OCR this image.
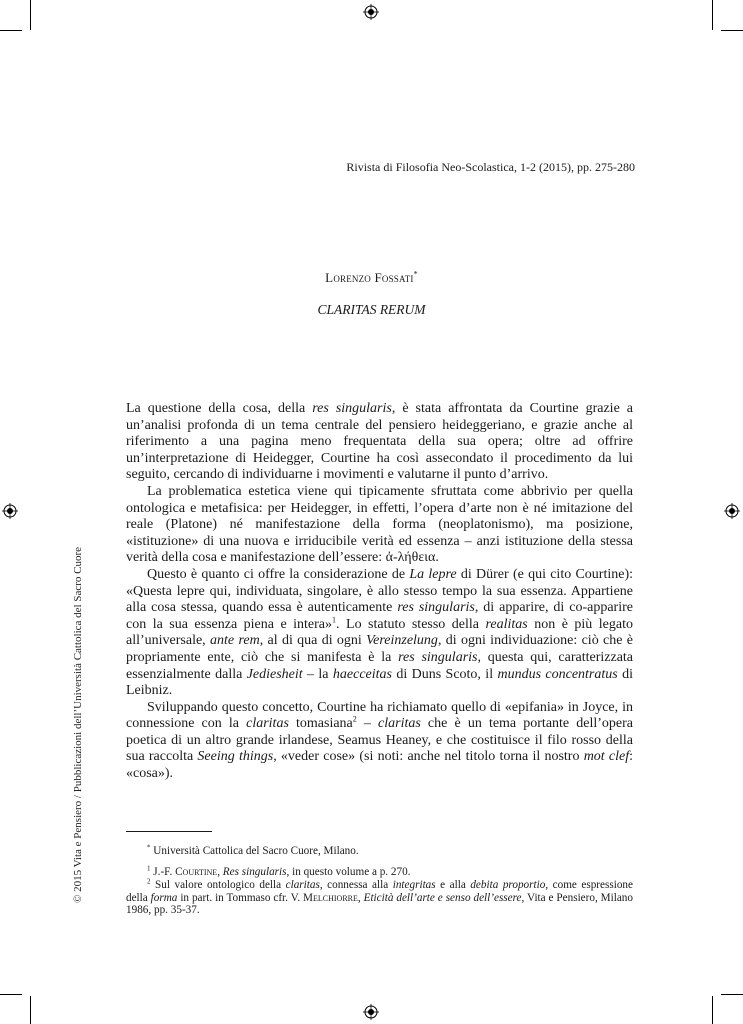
Rivista di Filosofia Neo-Scolastica, 1-2 (2015), pp. 275-280
Lorenzo Fossati*
CLARITAS RERUM

La questione della cosa, della res singularis, è stata affrontata da Courtine grazie a un’analisi profonda di un tema centrale del pensiero heideggeriano, e grazie anche al riferimento a una pagina meno frequentata della sua opera; oltre ad offrire un’interpretazione di Heidegger, Courtine ha così assecondato il procedimento da lui seguito, cercando di individuarne i movimenti e valutarne il punto d’arrivo.

La problematica estetica viene qui tipicamente sfruttata come abbrivio per quella ontologica e metafisica: per Heidegger, in effetti, l’opera d’arte non è né imitazione del reale (Platone) né manifestazione della forma (neoplatonismo), ma posizione, «istituzione» di una nuova e irriducibile verità ed essenza – anzi istituzione della stessa verità della cosa e manifestazione dell’essere: ἀ-λήθεια.

Questo è quanto ci offre la considerazione de La lepre di Dürer (e qui cito Courtine): «Questa lepre qui, individuata, singolare, è allo stesso tempo la sua essenza. Appartiene alla cosa stessa, quando essa è autenticamente res singularis, di apparire, di co-apparire con la sua essenza piena e intera»$^1$. Lo statuto stesso della realitas non è più legato all’universale, ante rem, al di qua di ogni Vereinzelung, di ogni individuazione: ciò che è propriamente ente, ciò che si manifesta è la res singularis, questa qui, caratterizzata essenzialmente dalla Jediesheit – la haecceitas di Duns Scoto, il mundus concentratus di Leibniz.

Sviluppando questo concetto, Courtine ha richiamato quello di «epifania» in Joyce, in connessione con la claritas tomasiana$^2$ – claritas che è un tema portante dell’opera poetica di un altro grande irlandese, Seamus Heaney, e che costituisce il filo rosso della sua raccolta Seeing things, «veder cose» (si noti: anche nel titolo torna il nostro mot clef: «cosa»).

* Università Cattolica del Sacro Cuore, Milano.
$^1$ J.-F. Courtine, Res singularis, in questo volume a p. 270.
$^2$ Sul valore ontologico della claritas, connessa alla integritas e alla debita proportio, come espressione della forma in part. in Tommaso cfr. V. Melchiorre, Eticità dell’arte e senso dell’essere, Vita e Pensiero, Milano 1986, pp. 35-37.
© 2015 Vita e Pensiero / Pubblicazioni dell’Università Cattolica del Sacro Cuore
